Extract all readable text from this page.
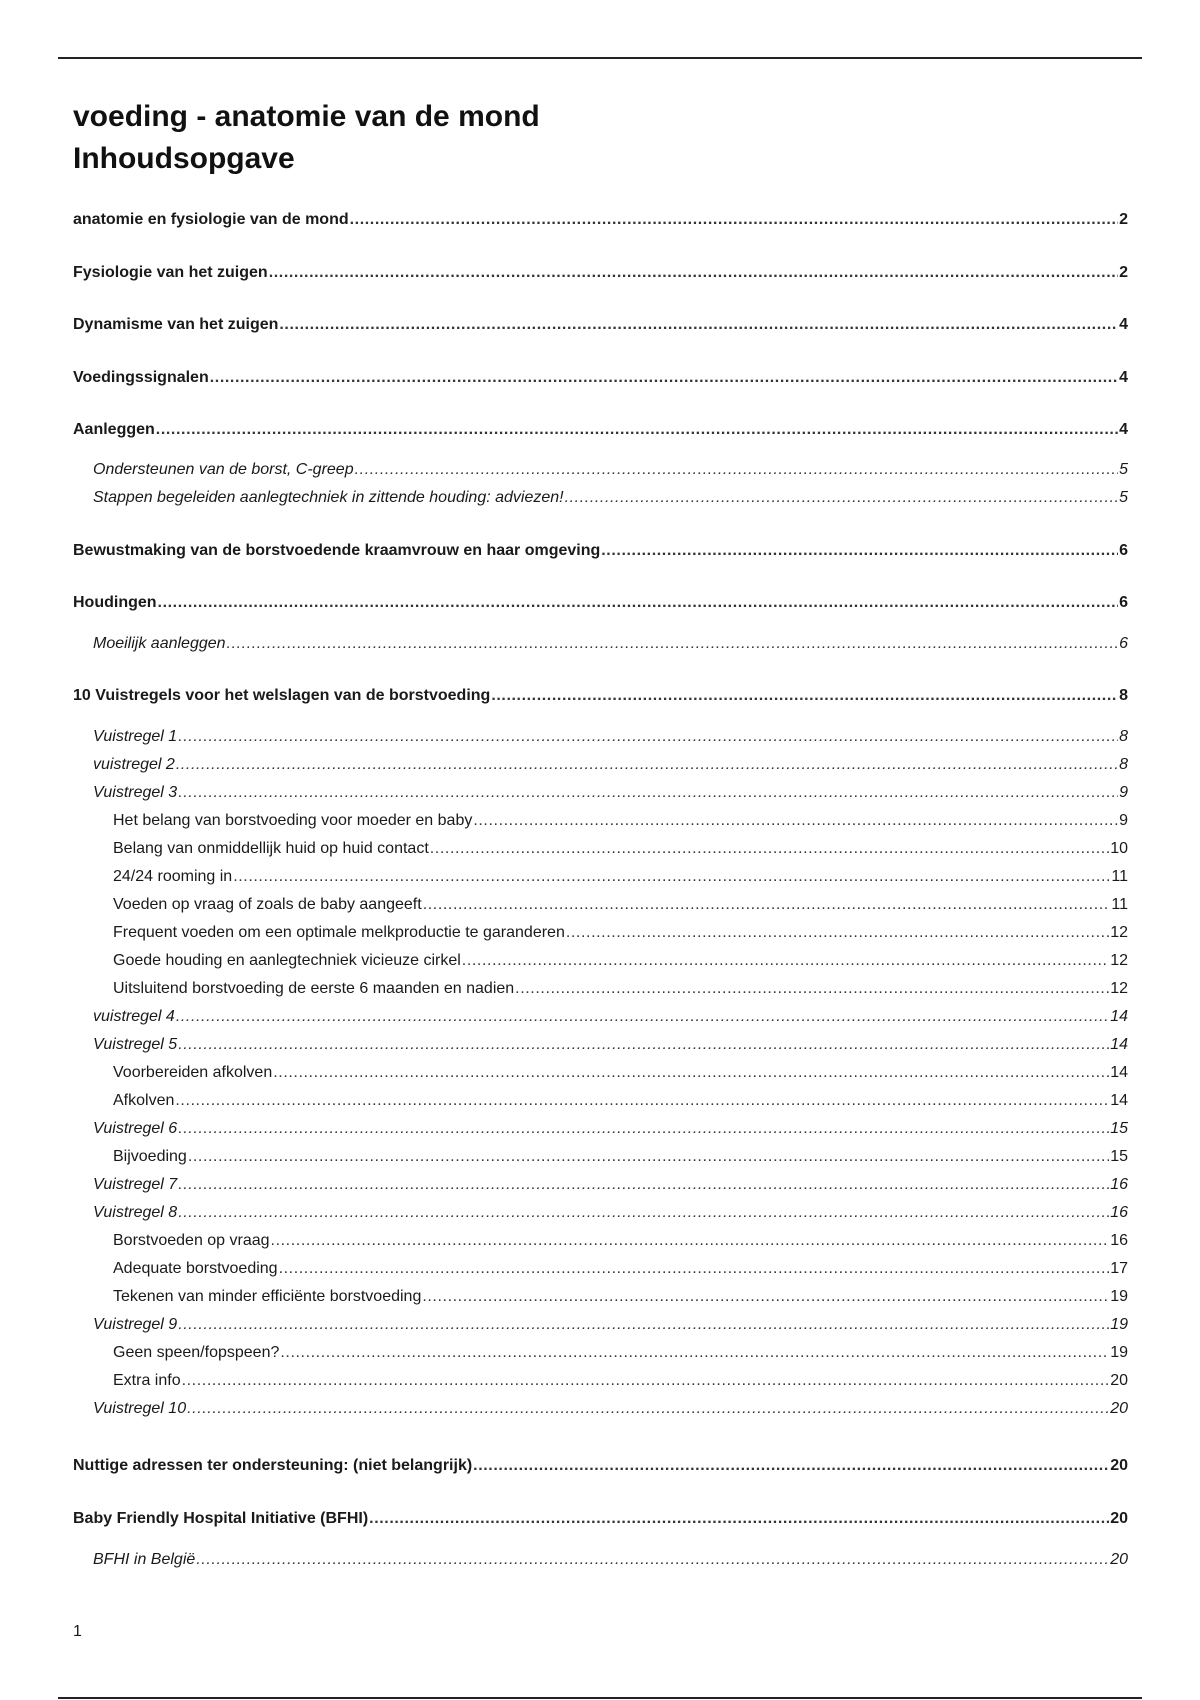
voeding - anatomie van de mond
Inhoudsopgave
anatomie en fysiologie van de mond .....	2
Fysiologie van het zuigen .....	2
Dynamisme van het zuigen .....	4
Voedingssignalen .....	4
Aanleggen .....	4
Ondersteunen van de borst, C-greep .....	5
Stappen begeleiden aanlegtechniek in zittende houding: adviezen! .....	5
Bewustmaking van de borstvoedende kraamvrouw en haar omgeving .....	6
Houdingen .....	6
Moeilijk aanleggen .....	6
10 Vuistregels voor het welslagen van de borstvoeding .....	8
Vuistregel 1 .....	8
vuistregel 2 .....	8
Vuistregel 3 .....	9
Het belang van borstvoeding voor moeder en baby .....	9
Belang van onmiddellijk huid op huid contact .....	10
24/24 rooming in .....	11
Voeden op vraag of zoals de baby aangeeft .....	11
Frequent voeden om een optimale melkproductie te garanderen .....	12
Goede houding en aanlegtechniek vicieuze cirkel .....	12
Uitsluitend borstvoeding de eerste 6 maanden en nadien .....	12
vuistregel 4 .....	14
Vuistregel 5 .....	14
Voorbereiden afkolven .....	14
Afkolven .....	14
Vuistregel 6 .....	15
Bijvoeding .....	15
Vuistregel 7 .....	16
Vuistregel 8 .....	16
Borstvoeden op vraag .....	16
Adequate borstvoeding .....	17
Tekenen van minder efficiënte borstvoeding .....	19
Vuistregel 9 .....	19
Geen speen/fopspeen? .....	19
Extra info .....	20
Vuistregel 10 .....	20
Nuttige adressen ter ondersteuning: (niet belangrijk) .....	20
Baby Friendly Hospital Initiative (BFHI) .....	20
BFHI in België .....	20
1
